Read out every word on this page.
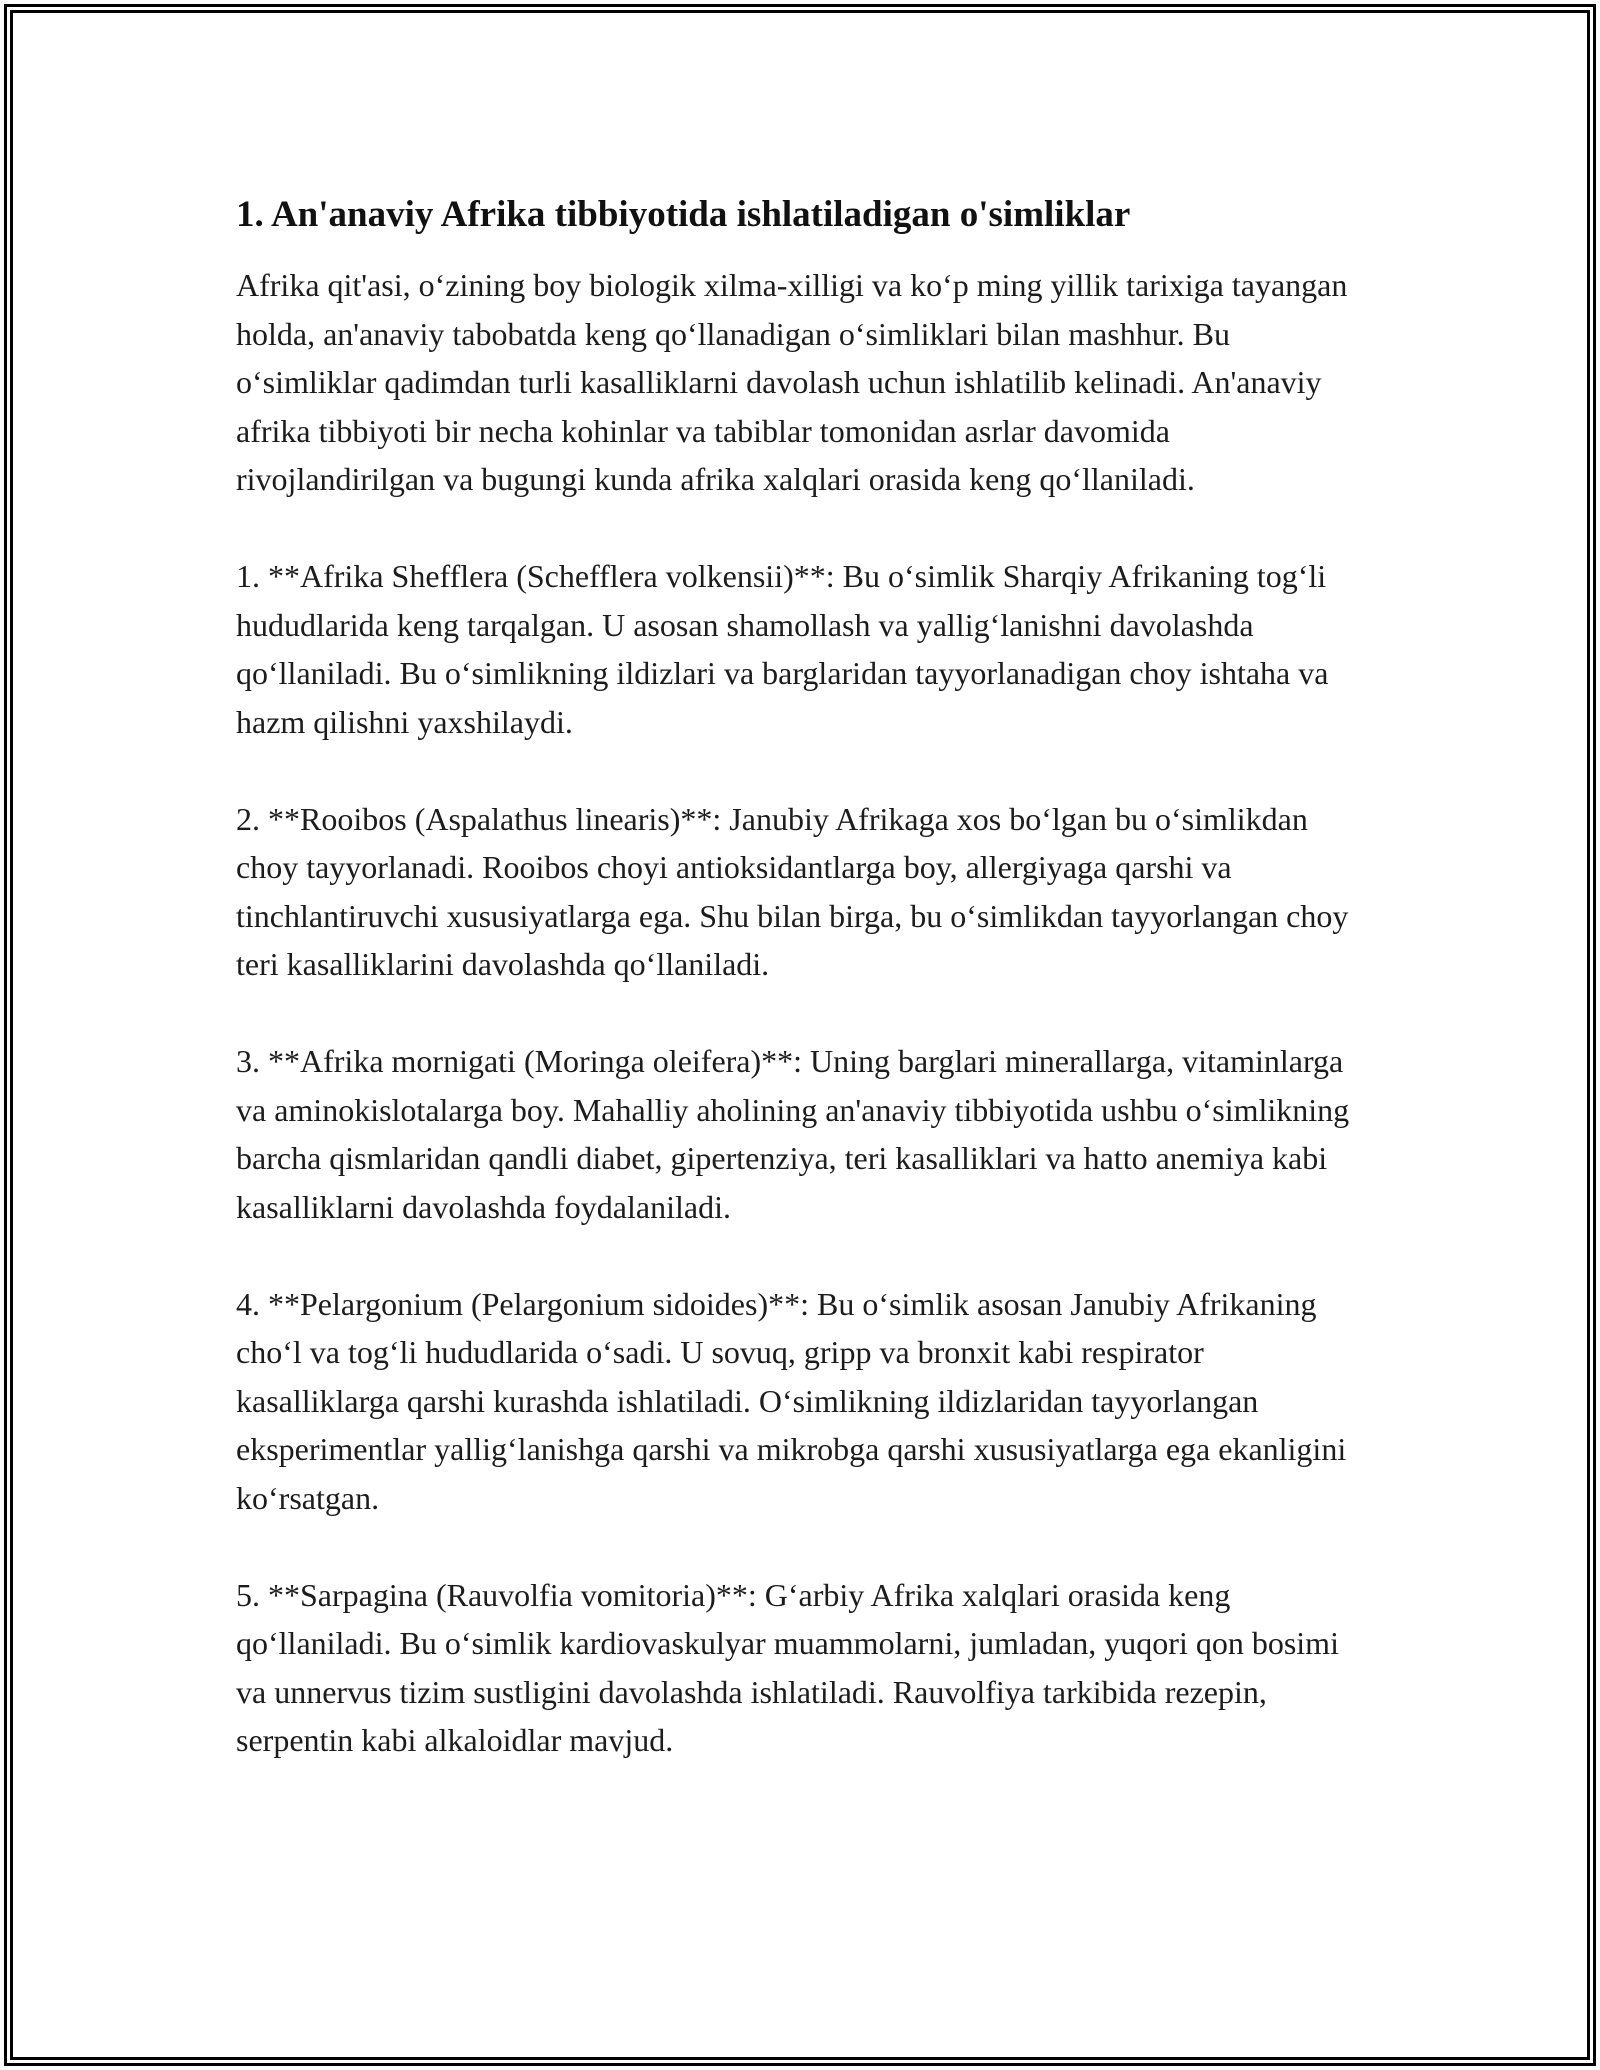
1. An'anaviy Afrika tibbiyotida ishlatiladigan o'simliklar

Afrika qit'asi, o‘zining boy biologik xilma-xilligi va ko‘p ming yillik tarixiga tayangan holda, an'anaviy tabobatda keng qo‘llanadigan o‘simliklari bilan mashhur. Bu o‘simliklar qadimdan turli kasalliklarni davolash uchun ishlatilib kelinadi. An'anaviy afrika tibbiyoti bir necha kohinlar va tabiblar tomonidan asrlar davomida rivojlandirilgan va bugungi kunda afrika xalqlari orasida keng qo‘llaniladi.

1. **Afrika Shefflera (Schefflera volkensii)**: Bu o‘simlik Sharqiy Afrikaning tog‘li hududlarida keng tarqalgan. U asosan shamollash va yallig‘lanishni davolashda qo‘llaniladi. Bu o‘simlikning ildizlari va barglaridan tayyorlanadigan choy ishtaha va hazm qilishni yaxshilaydi.

2. **Rooibos (Aspalathus linearis)**: Janubiy Afrikaga xos bo‘lgan bu o‘simlikdan choy tayyorlanadi. Rooibos choyi antioksidantlarga boy, allergiyaga qarshi va tinchlantiruvchi xususiyatlarga ega. Shu bilan birga, bu o‘simlikdan tayyorlangan choy teri kasalliklarini davolashda qo‘llaniladi.

3. **Afrika mornigati (Moringa oleifera)**: Uning barglari minerallarga, vitaminlarga va aminokislotalarga boy. Mahalliy aholining an'anaviy tibbiyotida ushbu o‘simlikning barcha qismlaridan qandli diabet, gipertenziya, teri kasalliklari va hatto anemiya kabi kasalliklarni davolashda foydalaniladi.

4. **Pelargonium (Pelargonium sidoides)**: Bu o‘simlik asosan Janubiy Afrikaning cho‘l va tog‘li hududlarida o‘sadi. U sovuq, gripp va bronxit kabi respirator kasalliklarga qarshi kurashda ishlatiladi. O‘simlikning ildizlaridan tayyorlangan eksperimentlar yallig‘lanishga qarshi va mikrobga qarshi xususiyatlarga ega ekanligini ko‘rsatgan.

5. **Sarpagina (Rauvolfia vomitoria)**: G‘arbiy Afrika xalqlari orasida keng qo‘llaniladi. Bu o‘simlik kardiovaskulyar muammolarni, jumladan, yuqori qon bosimi va unnervus tizim sustligini davolashda ishlatiladi. Rauvolfiya tarkibida rezepin, serpentin kabi alkaloidlar mavjud.
